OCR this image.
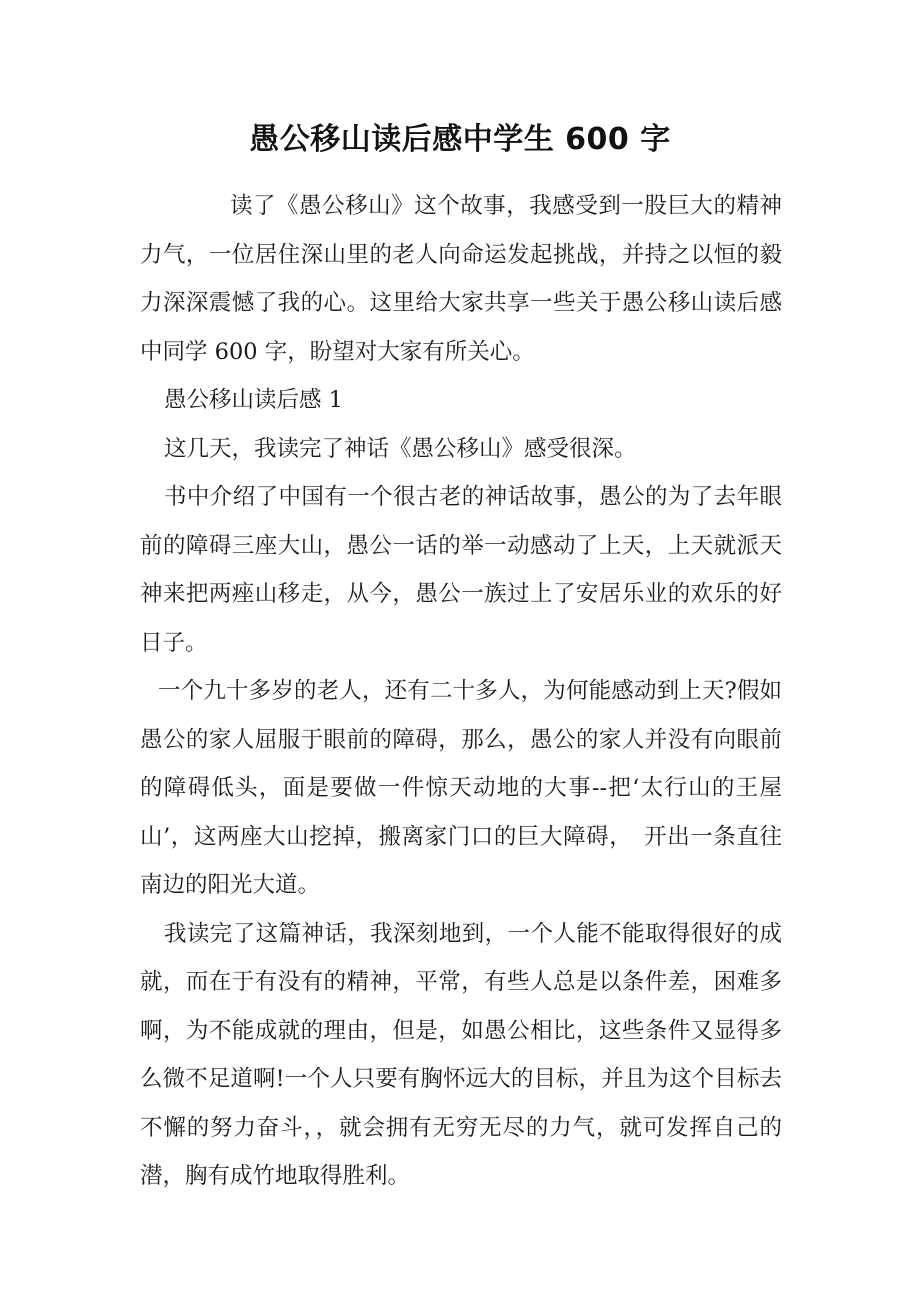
愚公移山读后感中学生 600 字

读了《愚公移山》这个故事，我感受到一股巨大的精神力气，一位居住深山里的老人向命运发起挑战，并持之以恒的毅力深深震憾了我的心。这里给大家共享一些关于愚公移山读后感中同学 600 字，盼望对大家有所关心。

愚公移山读后感 1

这几天，我读完了神话《愚公移山》感受很深。

书中介绍了中国有一个很古老的神话故事，愚公的为了去年眼前的障碍三座大山，愚公一话的举一动感动了上天，上天就派天神来把两痤山移走，从今，愚公一族过上了安居乐业的欢乐的好日子。

一个九十多岁的老人，还有二十多人，为何能感动到上天?假如愚公的家人屈服于眼前的障碍，那么，愚公的家人并没有向眼前的障碍低头，面是要做一件惊天动地的大事--把‘太行山的王屋山’，这两座大山挖掉，搬离家门口的巨大障碍，　开出一条直往南边的阳光大道。

我读完了这篇神话，我深刻地到，一个人能不能取得很好的成就，而在于有没有的精神，平常，有些人总是以条件差，困难多啊，为不能成就的理由，但是，如愚公相比，这些条件又显得多么微不足道啊!一个人只要有胸怀远大的目标，并且为这个目标去不懈的努力奋斗，，就会拥有无穷无尽的力气，就可发挥自己的潜，胸有成竹地取得胜利。
